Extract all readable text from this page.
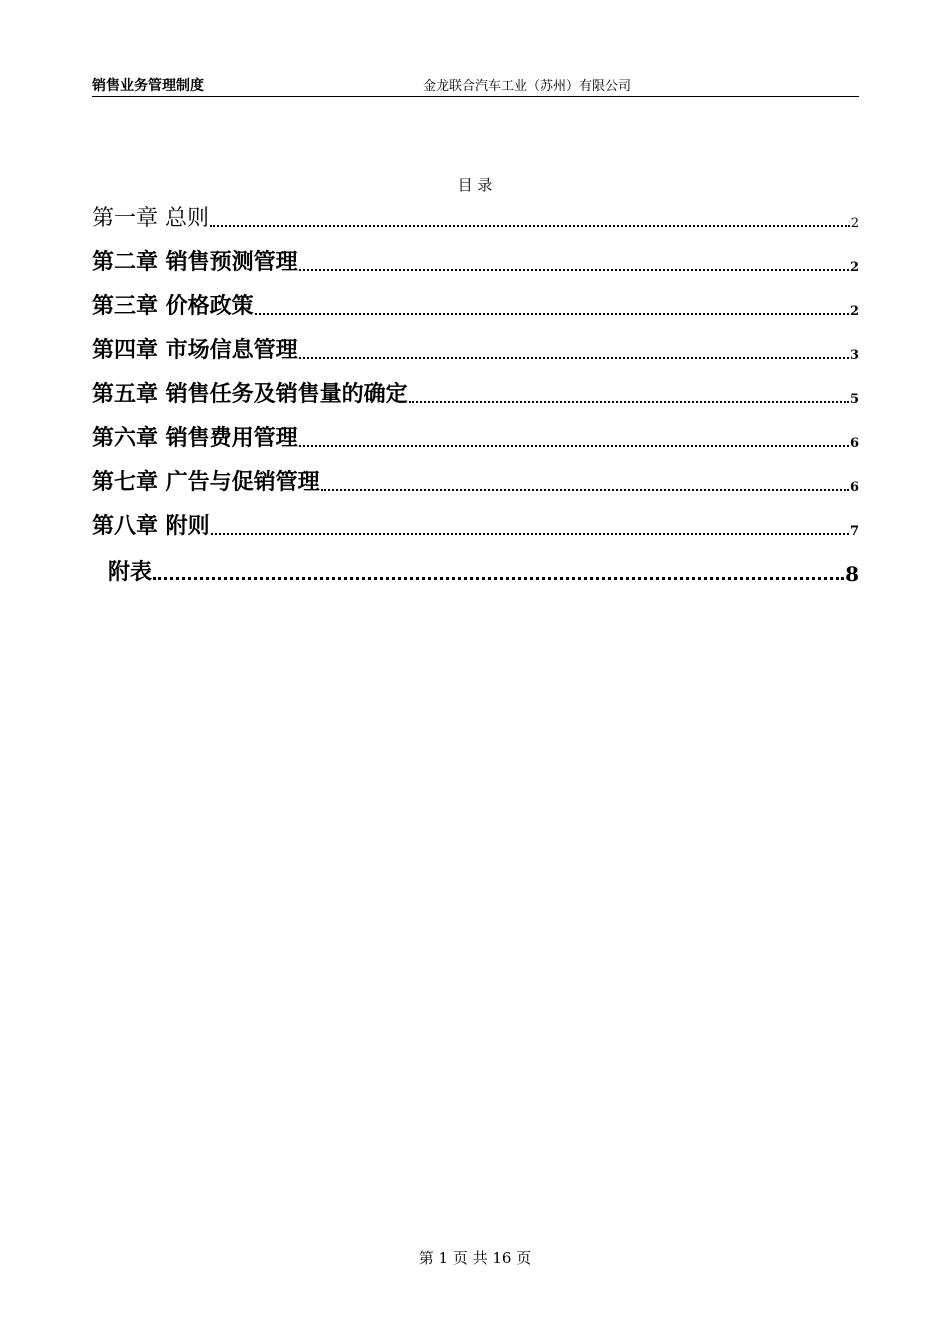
销售业务管理制度	金龙联合汽车工业（苏州）有限公司
目 录
第一章 总则	2
第二章 销售预测管理	2
第三章 价格政策	2
第四章 市场信息管理	3
第五章 销售任务及销售量的确定	5
第六章 销售费用管理	6
第七章 广告与促销管理	6
第八章 附则	7
附表	8
第 1 页 共 16 页
